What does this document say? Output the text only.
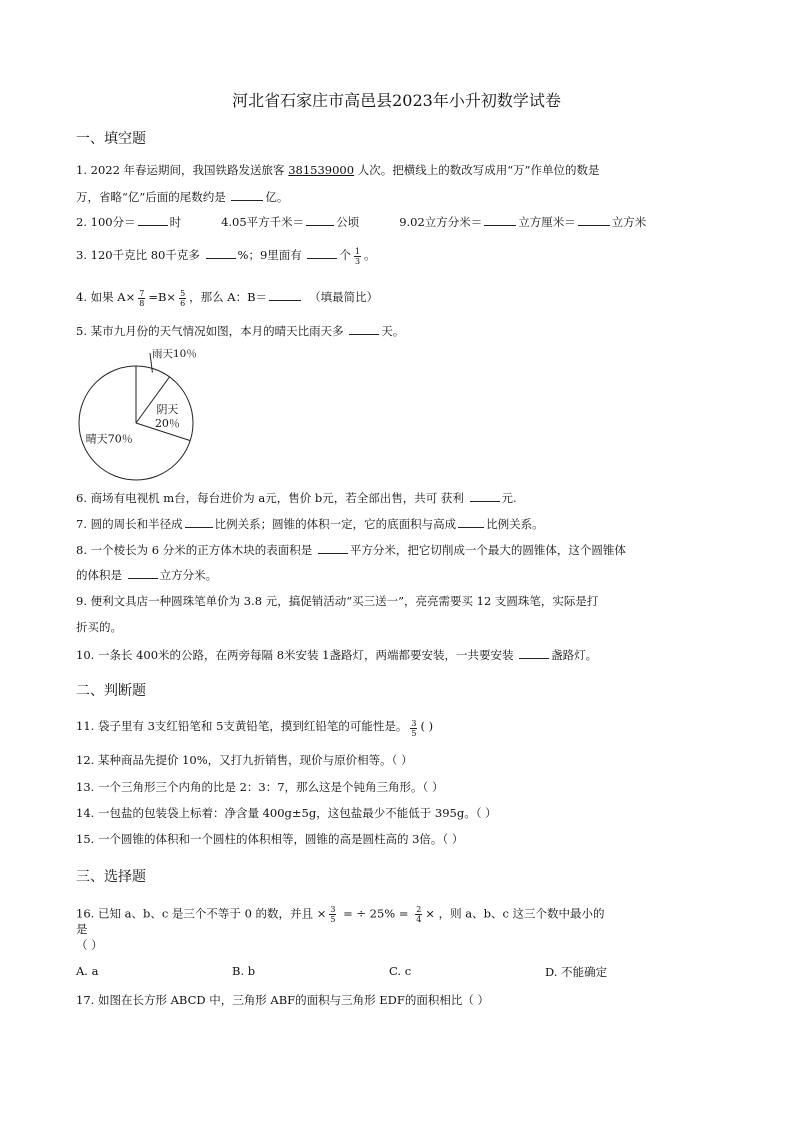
河北省石家庄市高邑县2023年小升初数学试卷
一、填空题
1. 2022 年春运期间，我国铁路发送旅客 381539000 人次。把横线上的数改写成用“万”作单位的数是
万，省略“亿”后面的尾数约是	亿。
2. 100分＝	时	4.05平方千米＝	公顷	9.02立方分米＝	立方厘米＝	立方米
3. 120千克比 80千克多	%；9里面有	个 $\frac{1}{3}$ 。
4. 如果 $A\times \frac{7}{8} =B\times \frac{5}{6}$ ，那么 A：B＝	（填最简比）
5. 某市九月份的天气情况如图，本月的晴天比雨天多	天。
雨天10％
阴天
20％
晴天70％
6. 商场有电视机 m台，每台进价为 a元，售价 b元，若全部出售，共可 获利	元.
7. 圆的周长和半径成	比例关系；圆锥的体积一定，它的底面积与高成	比例关系。
8. 一个棱长为 6 分米的正方体木块的表面积是	平方分米，把它切削成一个最大的圆锥体，这个圆锥体
的体积是	立方分米。
9. 便利文具店一种圆珠笔单价为 3.8 元，搞促销活动“买三送一”，亮亮需要买 12 支圆珠笔，实际是打
折买的。
10. 一条长 400米的公路，在两旁每隔 8米安装 1盏路灯，两端都要安装，一共要安装	盏路灯。
二、判断题
11. 袋子里有 3支红铅笔和 5支黄铅笔，摸到红铅笔的可能性是。 $\frac{3}{5}$ ( )
12. 某种商品先提价 10%，又打九折销售，现价与原价相等。（ ）
13. 一个三角形三个内角的比是 2：3：7，那么这是个钝角三角形。（ ）
14. 一包盐的包装袋上标着：净含量 400g±5g，这包盐最少不能低于 395g。（ ）
15. 一个圆锥的体积和一个圆柱的体积相等，圆锥的高是圆柱高的 3倍。（ ）
三、选择题
16. 已知 a、b、c 是三个不等于 0 的数，并且 × $\frac{3}{5}$ = ÷ $25\% = \frac{2}{4}$ × ，则 a、b、c 这三个数中最小的
是
（ ）
A. a	B. b	C. c	D. 不能确定
17. 如图在长方形 ABCD 中，三角形 ABF的面积与三角形 EDF的面积相比（ ）
